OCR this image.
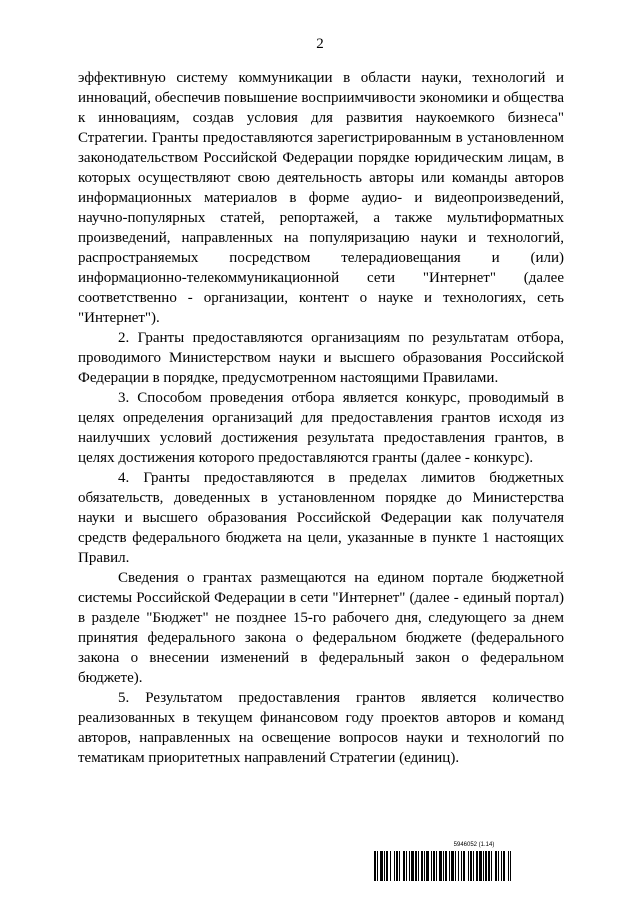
2

эффективную систему коммуникации в области науки, технологий и инноваций, обеспечив повышение восприимчивости экономики и общества к инновациям, создав условия для развития наукоемкого бизнеса" Стратегии. Гранты предоставляются зарегистрированным в установленном законодательством Российской Федерации порядке юридическим лицам, в которых осуществляют свою деятельность авторы или команды авторов информационных материалов в форме аудио- и видеопроизведений, научно-популярных статей, репортажей, а также мультиформатных произведений, направленных на популяризацию науки и технологий, распространяемых посредством телерадиовещания и (или) информационно-телекоммуникационной сети "Интернет" (далее соответственно - организации, контент о науке и технологиях, сеть "Интернет").

2. Гранты предоставляются организациям по результатам отбора, проводимого Министерством науки и высшего образования Российской Федерации в порядке, предусмотренном настоящими Правилами.

3. Способом проведения отбора является конкурс, проводимый в целях определения организаций для предоставления грантов исходя из наилучших условий достижения результата предоставления грантов, в целях достижения которого предоставляются гранты (далее - конкурс).

4. Гранты предоставляются в пределах лимитов бюджетных обязательств, доведенных в установленном порядке до Министерства науки и высшего образования Российской Федерации как получателя средств федерального бюджета на цели, указанные в пункте 1 настоящих Правил.

Сведения о грантах размещаются на едином портале бюджетной системы Российской Федерации в сети "Интернет" (далее - единый портал) в разделе "Бюджет" не позднее 15-го рабочего дня, следующего за днем принятия федерального закона о федеральном бюджете (федерального закона о внесении изменений в федеральный закон о федеральном бюджете).

5. Результатом предоставления грантов является количество реализованных в текущем финансовом году проектов авторов и команд авторов, направленных на освещение вопросов науки и технологий по тематикам приоритетных направлений Стратегии (единиц).

5946052 (1.14)
